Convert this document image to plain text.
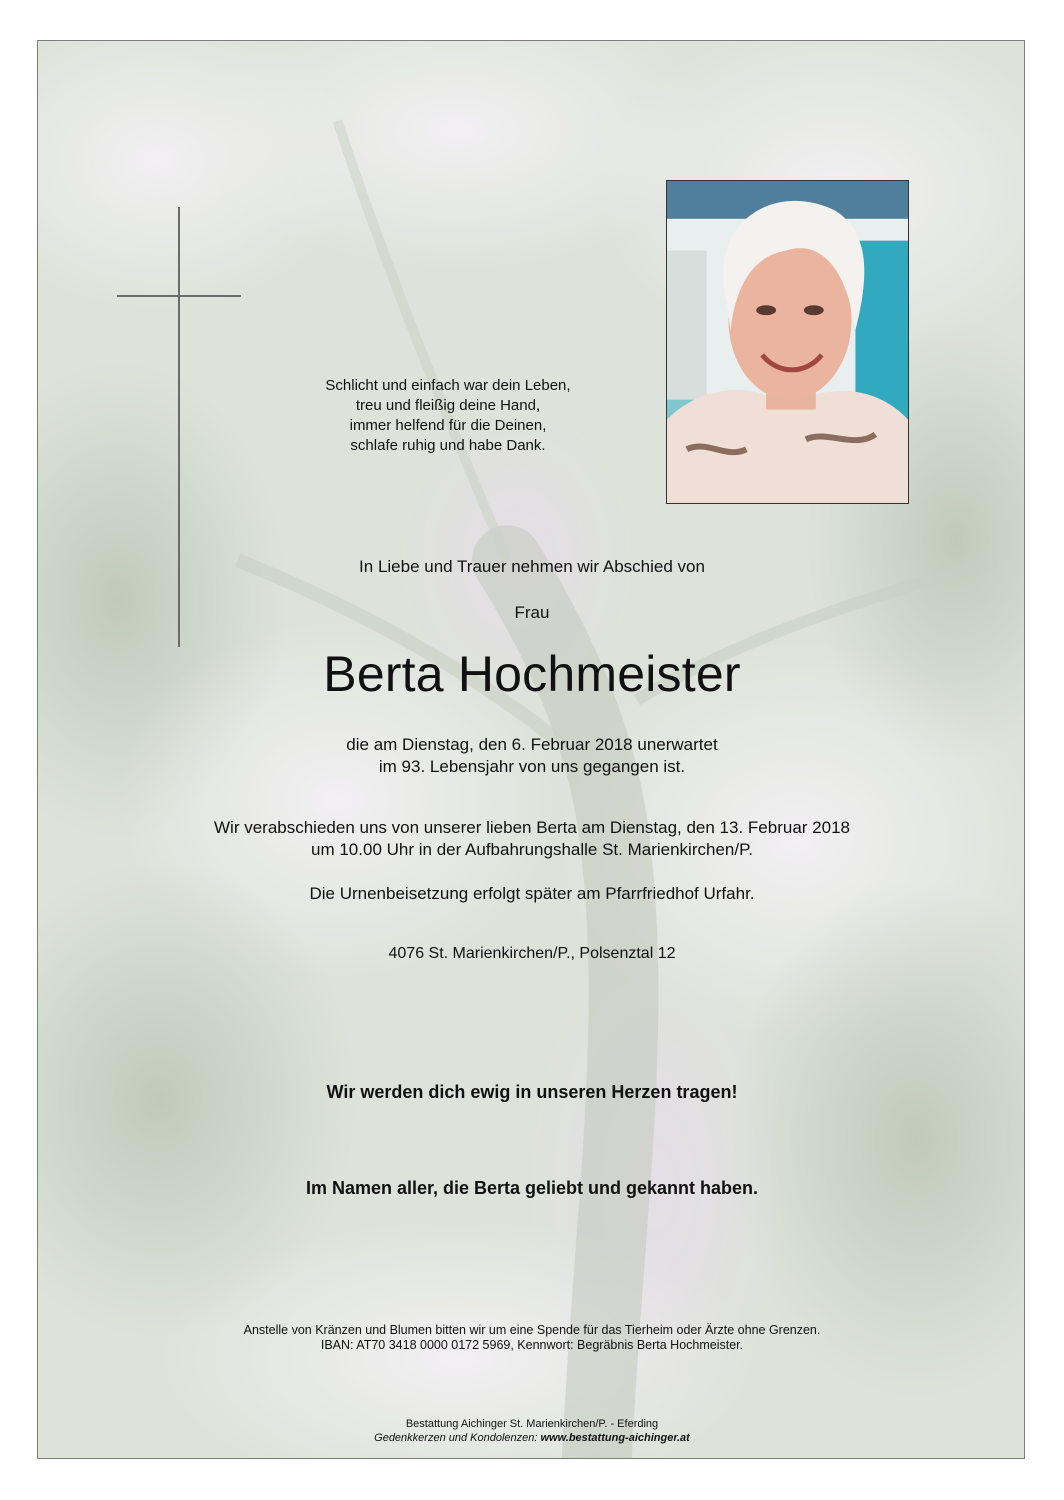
Schlicht und einfach war dein Leben,
treu und fleißig deine Hand,
immer helfend für die Deinen,
schlafe ruhig und habe Dank.
In Liebe und Trauer nehmen wir Abschied von
Frau
Berta Hochmeister
die am Dienstag, den 6. Februar 2018 unerwartet
im 93. Lebensjahr von uns gegangen ist.
Wir verabschieden uns von unserer lieben Berta am Dienstag, den 13. Februar 2018
um 10.00 Uhr in der Aufbahrungshalle St. Marienkirchen/P.
Die Urnenbeisetzung erfolgt später am Pfarrfriedhof Urfahr.
4076 St. Marienkirchen/P., Polsenztal 12
Wir werden dich ewig in unseren Herzen tragen!
Im Namen aller, die Berta geliebt und gekannt haben.
Anstelle von Kränzen und Blumen bitten wir um eine Spende für das Tierheim oder Ärzte ohne Grenzen.
IBAN: AT70 3418 0000 0172 5969, Kennwort: Begräbnis Berta Hochmeister.
Bestattung Aichinger St. Marienkirchen/P. - Eferding
Gedenkkerzen und Kondolenzen: www.bestattung-aichinger.at
